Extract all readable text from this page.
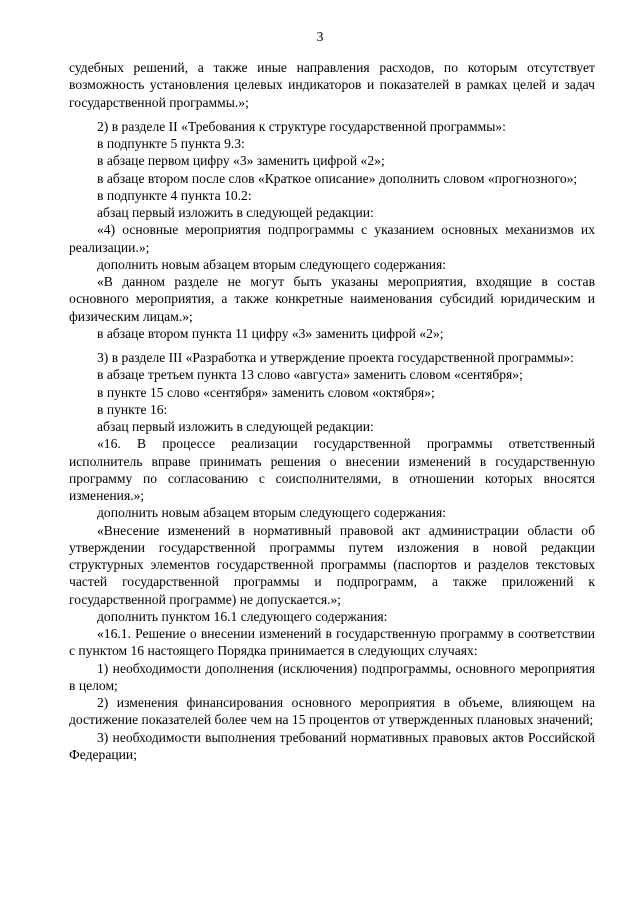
3

судебных решений, а также иные направления расходов, по которым отсутствует возможность установления целевых индикаторов и показателей в рамках целей и задач государственной программы.»;

2) в разделе II «Требования к структуре государственной программы»:

в подпункте 5 пункта 9.3:

в абзаце первом цифру «3» заменить цифрой «2»;

в абзаце втором после слов «Краткое описание» дополнить словом «прогнозного»;

в подпункте 4 пункта 10.2:

абзац первый изложить в следующей редакции:

«4) основные мероприятия подпрограммы с указанием основных механизмов их реализации.»;

дополнить новым абзацем вторым следующего содержания:

«В данном разделе не могут быть указаны мероприятия, входящие в состав основного мероприятия, а также конкретные наименования субсидий юридическим и физическим лицам.»;

в абзаце втором пункта 11 цифру «3» заменить цифрой «2»;

3) в разделе III «Разработка и утверждение проекта государственной программы»:

в абзаце третьем пункта 13 слово «августа» заменить словом «сентября»;

в пункте 15 слово «сентября» заменить словом «октября»;

в пункте 16:

абзац первый изложить в следующей редакции:

«16. В процессе реализации государственной программы ответственный исполнитель вправе принимать решения о внесении изменений в государственную программу по согласованию с соисполнителями, в отношении которых вносятся изменения.»;

дополнить новым абзацем вторым следующего содержания:

«Внесение изменений в нормативный правовой акт администрации области об утверждении государственной программы путем изложения в новой редакции структурных элементов государственной программы (паспортов и разделов текстовых частей государственной программы и подпрограмм, а также приложений к государственной программе) не допускается.»;

дополнить пунктом 16.1 следующего содержания:

«16.1. Решение о внесении изменений в государственную программу в соответствии с пунктом 16 настоящего Порядка принимается в следующих случаях:

1) необходимости дополнения (исключения) подпрограммы, основного мероприятия в целом;

2) изменения финансирования основного мероприятия в объеме, влияющем на достижение показателей более чем на 15 процентов от утвержденных плановых значений;

3) необходимости выполнения требований нормативных правовых актов Российской Федерации;
